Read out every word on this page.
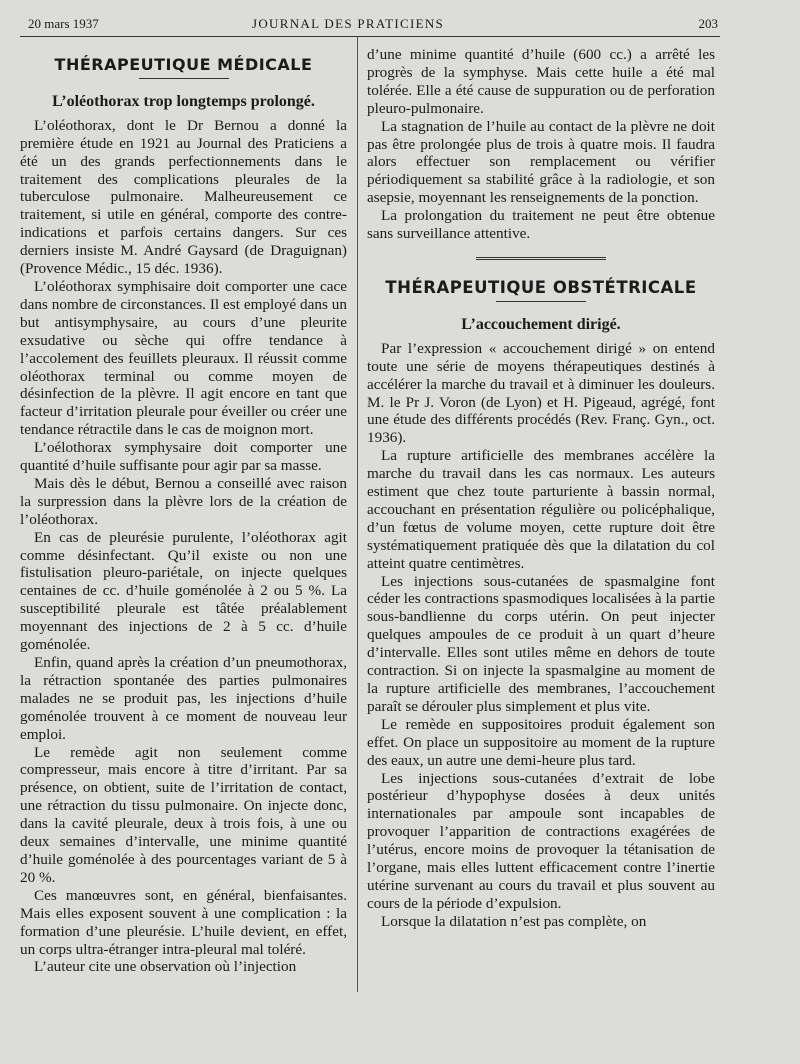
20 mars 1937	JOURNAL DES PRATICIENS	203
THÉRAPEUTIQUE MÉDICALE
L’oléothorax trop longtemps prolongé.

L’oléothorax, dont le Dr Bernou a donné la première étude en 1921 au Journal des Praticiens a été un des grands perfectionnements dans le traitement des complications pleurales de la tuberculose pulmonaire. Malheureusement ce traitement, si utile en général, comporte des contre-indications et parfois certains dangers. Sur ces derniers insiste M. André Gaysard (de Draguignan) (Provence Médic., 15 déc. 1936).

L’oléothorax symphisaire doit comporter une cace dans nombre de circonstances. Il est employé dans un but antisymphysaire, au cours d’une pleurite exsudative ou sèche qui offre tendance à l’accolement des feuillets pleuraux. Il réussit comme oléothorax terminal ou comme moyen de désinfection de la plèvre. Il agit encore en tant que facteur d’irritation pleurale pour éveiller ou créer une tendance rétractile dans le cas de moignon mort.

L’oélothorax symphysaire doit comporter une quantité d’huile suffisante pour agir par sa masse.

Mais dès le début, Bernou a conseillé avec raison la surpression dans la plèvre lors de la création de l’oléothorax.

En cas de pleurésie purulente, l’oléothorax agit comme désinfectant. Qu’il existe ou non une fistulisation pleuro-pariétale, on injecte quelques centaines de cc. d’huile goménolée à 2 ou 5 %. La susceptibilité pleurale est tâtée préalablement moyennant des injections de 2 à 5 cc. d’huile goménolée.

Enfin, quand après la création d’un pneumothorax, la rétraction spontanée des parties pulmonaires malades ne se produit pas, les injections d’huile goménolée trouvent à ce moment de nouveau leur emploi.

Le remède agit non seulement comme compresseur, mais encore à titre d’irritant. Par sa présence, on obtient, suite de l’irritation de contact, une rétraction du tissu pulmonaire. On injecte donc, dans la cavité pleurale, deux à trois fois, à une ou deux semaines d’intervalle, une minime quantité d’huile goménolée à des pourcentages variant de 5 à 20 %.

Ces manœuvres sont, en général, bienfaisantes. Mais elles exposent souvent à une complication : la formation d’une pleurésie. L’huile devient, en effet, un corps ultra-étranger intra-pleural mal toléré.

L’auteur cite une observation où l’injection

d’une minime quantité d’huile (600 cc.) a arrêté les progrès de la symphyse. Mais cette huile a été mal tolérée. Elle a été cause de suppuration ou de perforation pleuro-pulmonaire.

La stagnation de l’huile au contact de la plèvre ne doit pas être prolongée plus de trois à quatre mois. Il faudra alors effectuer son remplacement ou vérifier périodiquement sa stabilité grâce à la radiologie, et son asepsie, moyennant les renseignements de la ponction.

La prolongation du traitement ne peut être obtenue sans surveillance attentive.

THÉRAPEUTIQUE OBSTÉTRICALE
L’accouchement dirigé.

Par l’expression « accouchement dirigé » on entend toute une série de moyens thérapeutiques destinés à accélérer la marche du travail et à diminuer les douleurs. M. le Pr J. Voron (de Lyon) et H. Pigeaud, agrégé, font une étude des différents procédés (Rev. Franç. Gyn., oct. 1936).

La rupture artificielle des membranes accélère la marche du travail dans les cas normaux. Les auteurs estiment que chez toute parturiente à bassin normal, accouchant en présentation régulière ou policéphalique, d’un fœtus de volume moyen, cette rupture doit être systématiquement pratiquée dès que la dilatation du col atteint quatre centimètres.

Les injections sous-cutanées de spasmalgine font céder les contractions spasmodiques localisées à la partie sous-bandlienne du corps utérin. On peut injecter quelques ampoules de ce produit à un quart d’heure d’intervalle. Elles sont utiles même en dehors de toute contraction. Si on injecte la spasmalgine au moment de la rupture artificielle des membranes, l’accouchement paraît se dérouler plus simplement et plus vite.

Le remède en suppositoires produit également son effet. On place un suppositoire au moment de la rupture des eaux, un autre une demi-heure plus tard.

Les injections sous-cutanées d’extrait de lobe postérieur d’hypophyse dosées à deux unités internationales par ampoule sont incapables de provoquer l’apparition de contractions exagérées de l’utérus, encore moins de provoquer la tétanisation de l’organe, mais elles luttent efficacement contre l’inertie utérine survenant au cours du travail et plus souvent au cours de la période d’expulsion.

Lorsque la dilatation n’est pas complète, on
